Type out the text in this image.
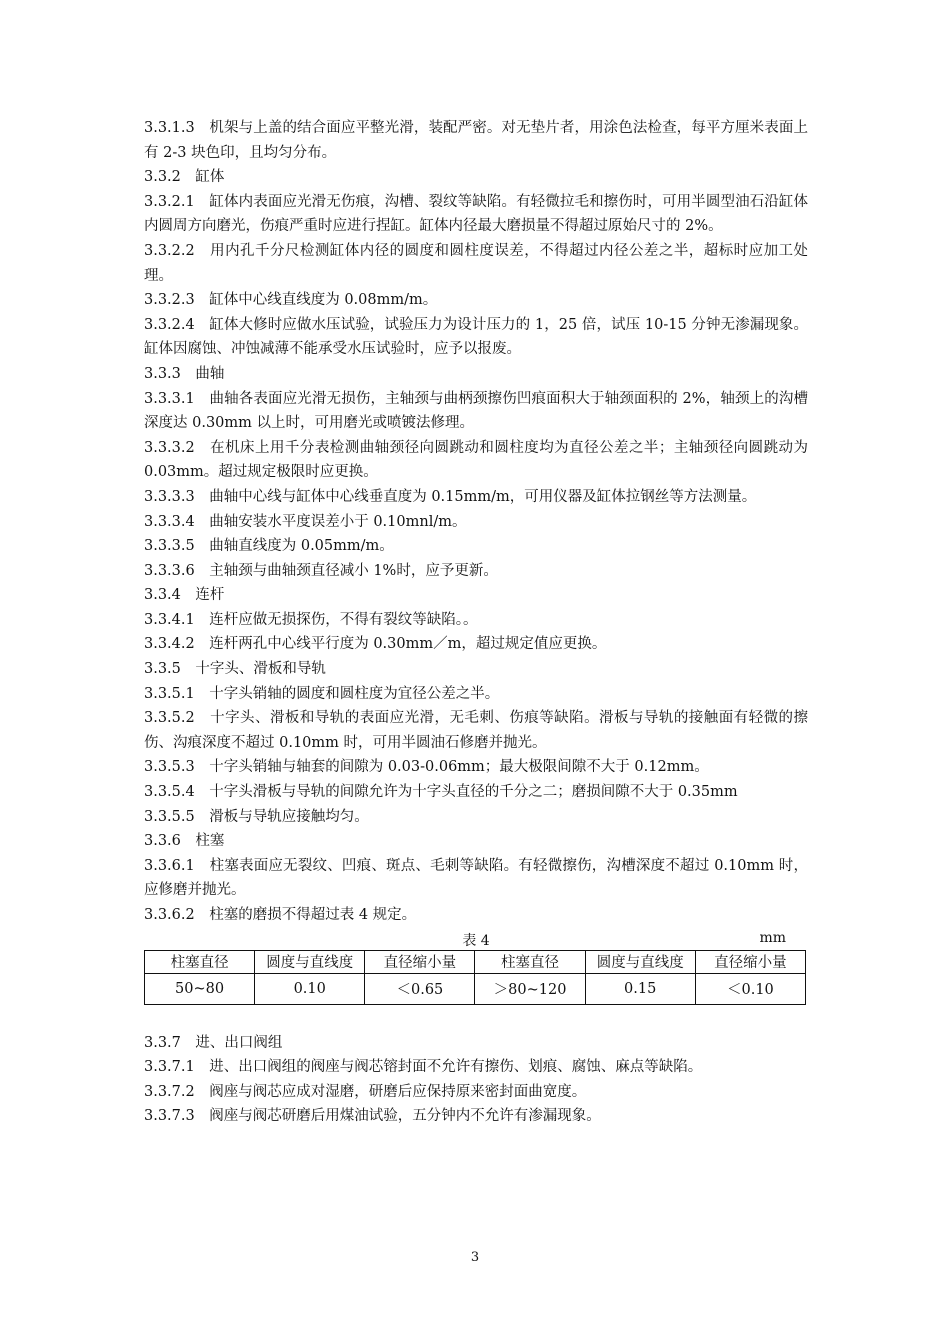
3.3.1.3　机架与上盖的结合面应平整光滑，装配严密。对无垫片者，用涂色法检查，每平方厘米表面上有 2-3 块色印，且均匀分布。

3.3.2　缸体

3.3.2.1　缸体内表面应光滑无伤痕，沟槽、裂纹等缺陷。有轻微拉毛和擦伤时，可用半圆型油石沿缸体内圆周方向磨光，伤痕严重时应进行捏缸。缸体内径最大磨损量不得超过原始尺寸的 2%。

3.3.2.2　用内孔千分尺检测缸体内径的圆度和圆柱度误差，不得超过内径公差之半，超标时应加工处理。

3.3.2.3　缸体中心线直线度为 0.08mm/m。

3.3.2.4　缸体大修时应做水压试验，试验压力为设计压力的 1，25 倍，试压 10-15 分钟无渗漏现象。缸体因腐蚀、冲蚀减薄不能承受水压试验时，应予以报废。

3.3.3　曲轴

3.3.3.1　曲轴各表面应光滑无损伤，主轴颈与曲柄颈擦伤凹痕面积大于轴颈面积的 2%，轴颈上的沟槽深度达 0.30mm 以上时，可用磨光或喷镀法修理。

3.3.3.2　在机床上用千分表检测曲轴颈径向圆跳动和圆柱度均为直径公差之半；主轴颈径向圆跳动为 0.03mm。超过规定极限时应更换。

3.3.3.3　曲轴中心线与缸体中心线垂直度为 0.15mm/m，可用仪器及缸体拉钢丝等方法测量。

3.3.3.4　曲轴安装水平度误差小于 0.10mnl/m。

3.3.3.5　曲轴直线度为 0.05mm/m。

3.3.3.6　主轴颈与曲轴颈直径减小 1%时，应予更新。

3.3.4　连杆

3.3.4.1　连杆应做无损探伤，不得有裂纹等缺陷。。

3.3.4.2　连杆两孔中心线平行度为 0.30mm／m，超过规定值应更换。

3.3.5　十字头、滑板和导轨

3.3.5.1　十字头销轴的圆度和圆柱度为宜径公差之半。

3.3.5.2　十字头、滑板和导轨的表面应光滑，无毛刺、伤痕等缺陷。滑板与导轨的接触面有轻微的擦伤、沟痕深度不超过 0.10mm 时，可用半圆油石修磨并抛光。

3.3.5.3　十字头销轴与轴套的间隙为 0.03-0.06mm；最大极限间隙不大于 0.12mm。

3.3.5.4　十字头滑板与导轨的间隙允许为十字头直径的千分之二；磨损间隙不大于 0.35mm

3.3.5.5　滑板与导轨应接触均匀。

3.3.6　柱塞

3.3.6.1　柱塞表面应无裂纹、凹痕、斑点、毛刺等缺陷。有轻微擦伤，沟槽深度不超过 0.10mm 时，应修磨并抛光。

3.3.6.2　柱塞的磨损不得超过表 4 规定。

表 4	mm
柱塞直径	圆度与直线度	直径缩小量	柱塞直径	圆度与直线度	直径缩小量
50~80	0.10	＜0.65	＞80~120	0.15	＜0.10

3.3.7　进、出口阀组

3.3.7.1　进、出口阀组的阀座与阀芯镕封面不允许有擦伤、划痕、腐蚀、麻点等缺陷。

3.3.7.2　阀座与阀芯应成对湿磨，研磨后应保持原来密封面曲宽度。

3.3.7.3　阀座与阀芯研磨后用煤油试验，五分钟内不允许有渗漏现象。

3
